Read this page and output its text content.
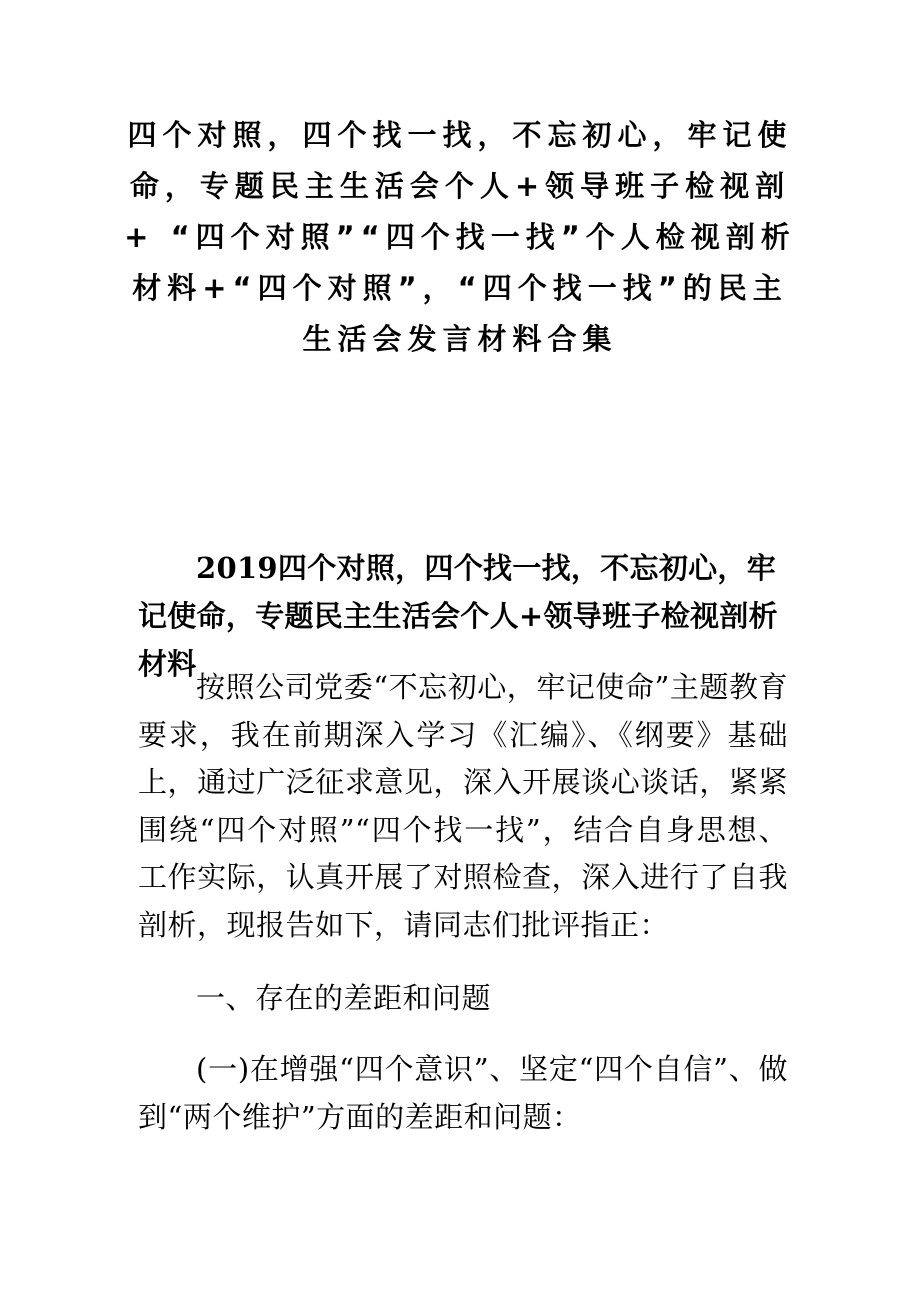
四个对照，四个找一找，不忘初心，牢记使命，专题民主生活会个人+领导班子检视剖+ “四个对照”“四个找一找”个人检视剖析材料+“四个对照”，“四个找一找”的民主生活会发言材料合集
2019四个对照，四个找一找，不忘初心，牢记使命，专题民主生活会个人+领导班子检视剖析材料

按照公司党委“不忘初心，牢记使命”主题教育要求，我在前期深入学习《汇编》、《纲要》基础上，通过广泛征求意见，深入开展谈心谈话，紧紧围绕“四个对照”“四个找一找”，结合自身思想、工作实际，认真开展了对照检查，深入进行了自我剖析，现报告如下，请同志们批评指正：

一、存在的差距和问题

(一)在增强“四个意识”、坚定“四个自信”、做到“两个维护”方面的差距和问题：
